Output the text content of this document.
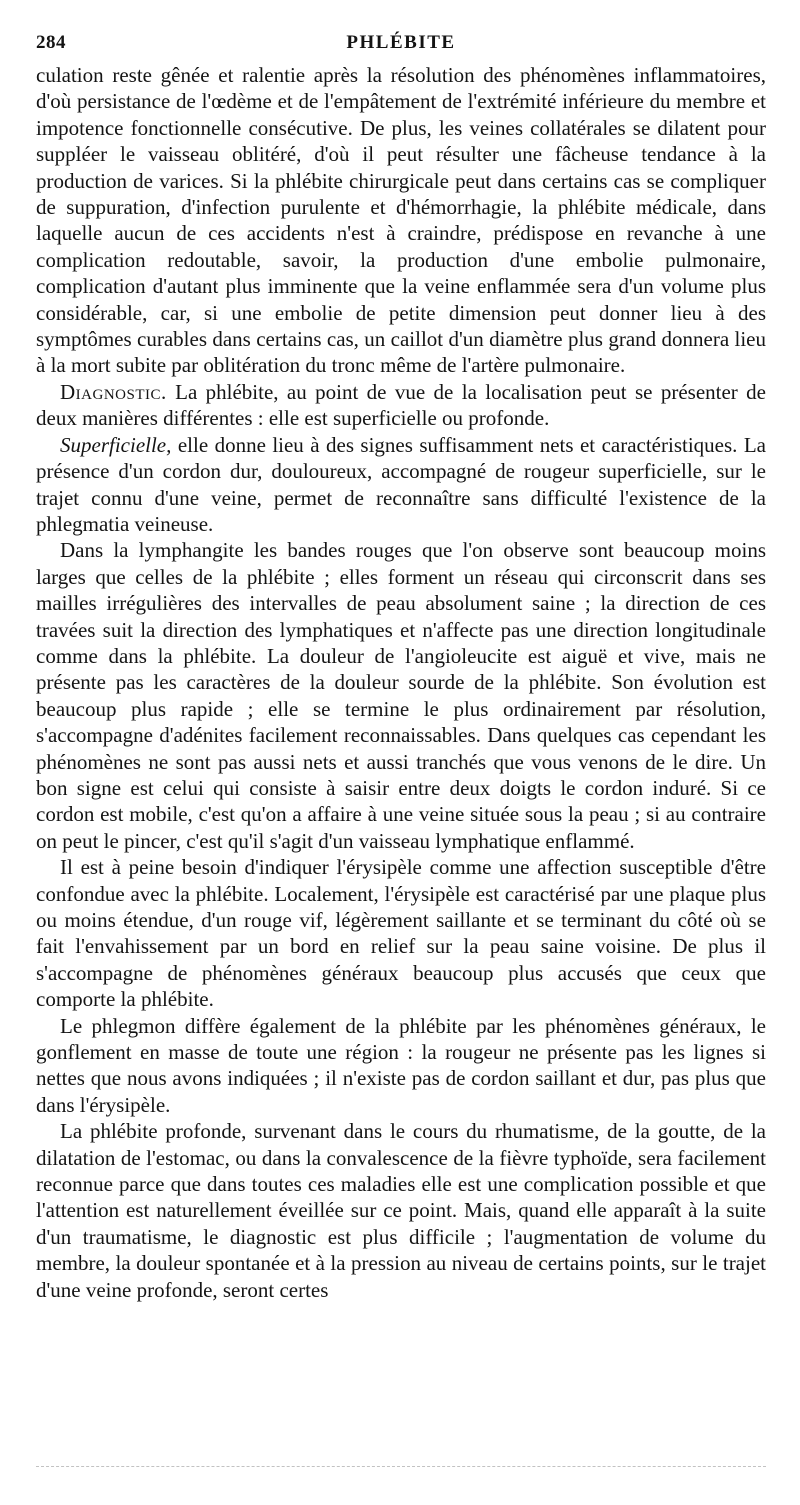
284	PHLÉBITE

culation reste gênée et ralentie après la résolution des phénomènes inflammatoires, d'où persistance de l'œdème et de l'empâtement de l'extrémité inférieure du membre et impotence fonctionnelle consécutive. De plus, les veines collatérales se dilatent pour suppléer le vaisseau oblitéré, d'où il peut résulter une fâcheuse tendance à la production de varices. Si la phlébite chirurgicale peut dans certains cas se compliquer de suppuration, d'infection purulente et d'hémorrhagie, la phlébite médicale, dans laquelle aucun de ces accidents n'est à craindre, prédispose en revanche à une complication redoutable, savoir, la production d'une embolie pulmonaire, complication d'autant plus imminente que la veine enflammée sera d'un volume plus considérable, car, si une embolie de petite dimension peut donner lieu à des symptômes curables dans certains cas, un caillot d'un diamètre plus grand donnera lieu à la mort subite par oblitération du tronc même de l'artère pulmonaire.

Diagnostic. La phlébite, au point de vue de la localisation peut se présenter de deux manières différentes : elle est superficielle ou profonde.

Superficielle, elle donne lieu à des signes suffisamment nets et caractéristiques. La présence d'un cordon dur, douloureux, accompagné de rougeur superficielle, sur le trajet connu d'une veine, permet de reconnaître sans difficulté l'existence de la phlegmatia veineuse.

Dans la lymphangite les bandes rouges que l'on observe sont beaucoup moins larges que celles de la phlébite ; elles forment un réseau qui circonscrit dans ses mailles irrégulières des intervalles de peau absolument saine ; la direction de ces travées suit la direction des lymphatiques et n'affecte pas une direction longitudinale comme dans la phlébite. La douleur de l'angioleucite est aiguë et vive, mais ne présente pas les caractères de la douleur sourde de la phlébite. Son évolution est beaucoup plus rapide ; elle se termine le plus ordinairement par résolution, s'accompagne d'adénites facilement reconnaissables. Dans quelques cas cependant les phénomènes ne sont pas aussi nets et aussi tranchés que vous venons de le dire. Un bon signe est celui qui consiste à saisir entre deux doigts le cordon induré. Si ce cordon est mobile, c'est qu'on a affaire à une veine située sous la peau ; si au contraire on peut le pincer, c'est qu'il s'agit d'un vaisseau lymphatique enflammé.

Il est à peine besoin d'indiquer l'érysipèle comme une affection susceptible d'être confondue avec la phlébite. Localement, l'érysipèle est caractérisé par une plaque plus ou moins étendue, d'un rouge vif, légèrement saillante et se terminant du côté où se fait l'envahissement par un bord en relief sur la peau saine voisine. De plus il s'accompagne de phénomènes généraux beaucoup plus accusés que ceux que comporte la phlébite.

Le phlegmon diffère également de la phlébite par les phénomènes généraux, le gonflement en masse de toute une région : la rougeur ne présente pas les lignes si nettes que nous avons indiquées ; il n'existe pas de cordon saillant et dur, pas plus que dans l'érysipèle.

La phlébite profonde, survenant dans le cours du rhumatisme, de la goutte, de la dilatation de l'estomac, ou dans la convalescence de la fièvre typhoïde, sera facilement reconnue parce que dans toutes ces maladies elle est une complication possible et que l'attention est naturellement éveillée sur ce point. Mais, quand elle apparaît à la suite d'un traumatisme, le diagnostic est plus difficile ; l'augmentation de volume du membre, la douleur spontanée et à la pression au niveau de certains points, sur le trajet d'une veine profonde, seront certes
